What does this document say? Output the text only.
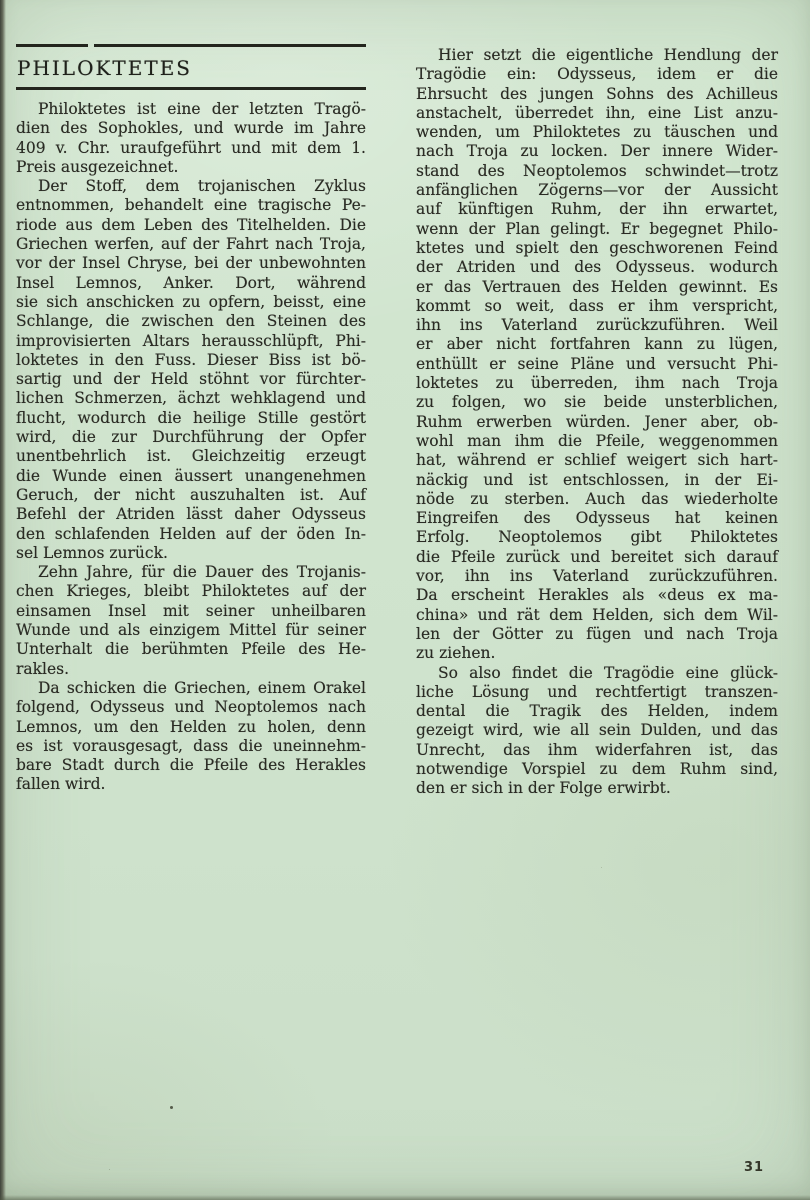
PHILOKTETES
Philoktetes ist eine der letzten Tragö-
dien des Sophokles, und wurde im Jahre
409 v. Chr. uraufgeführt und mit dem 1.
Preis ausgezeichnet.
Der Stoff, dem trojanischen Zyklus
entnommen, behandelt eine tragische Pe-
riode aus dem Leben des Titelhelden. Die
Griechen werfen, auf der Fahrt nach Troja,
vor der Insel Chryse, bei der unbewohnten
Insel Lemnos, Anker. Dort, während
sie sich anschicken zu opfern, beisst, eine
Schlange, die zwischen den Steinen des
improvisierten Altars herausschlüpft, Phi-
loktetes in den Fuss. Dieser Biss ist bö-
sartig und der Held stöhnt vor fürchter-
lichen Schmerzen, ächzt wehklagend und
flucht, wodurch die heilige Stille gestört
wird, die zur Durchführung der Opfer
unentbehrlich ist. Gleichzeitig erzeugt
die Wunde einen äussert unangenehmen
Geruch, der nicht auszuhalten ist. Auf
Befehl der Atriden lässt daher Odysseus
den schlafenden Helden auf der öden In-
sel Lemnos zurück.
Zehn Jahre, für die Dauer des Trojanis-
chen Krieges, bleibt Philoktetes auf der
einsamen Insel mit seiner unheilbaren
Wunde und als einzigem Mittel für seiner
Unterhalt die berühmten Pfeile des He-
rakles.
Da schicken die Griechen, einem Orakel
folgend, Odysseus und Neoptolemos nach
Lemnos, um den Helden zu holen, denn
es ist vorausgesagt, dass die uneinnehm-
bare Stadt durch die Pfeile des Herakles
fallen wird.
Hier setzt die eigentliche Hendlung der
Tragödie ein: Odysseus, idem er die
Ehrsucht des jungen Sohns des Achilleus
anstachelt, überredet ihn, eine List anzu-
wenden, um Philoktetes zu täuschen und
nach Troja zu locken. Der innere Wider-
stand des Neoptolemos schwindet—trotz
anfänglichen Zögerns—vor der Aussicht
auf künftigen Ruhm, der ihn erwartet,
wenn der Plan gelingt. Er begegnet Philo-
ktetes und spielt den geschworenen Feind
der Atriden und des Odysseus. wodurch
er das Vertrauen des Helden gewinnt. Es
kommt so weit, dass er ihm verspricht,
ihn ins Vaterland zurückzuführen. Weil
er aber nicht fortfahren kann zu lügen,
enthüllt er seine Pläne und versucht Phi-
loktetes zu überreden, ihm nach Troja
zu folgen, wo sie beide unsterblichen,
Ruhm erwerben würden. Jener aber, ob-
wohl man ihm die Pfeile, weggenommen
hat, während er schlief weigert sich hart-
näckig und ist entschlossen, in der Ei-
nöde zu sterben. Auch das wiederholte
Eingreifen des Odysseus hat keinen
Erfolg. Neoptolemos gibt Philoktetes
die Pfeile zurück und bereitet sich darauf
vor, ihn ins Vaterland zurückzuführen.
Da erscheint Herakles als «deus ex ma-
china» und rät dem Helden, sich dem Wil-
len der Götter zu fügen und nach Troja
zu ziehen.
So also findet die Tragödie eine glück-
liche Lösung und rechtfertigt transzen-
dental die Tragik des Helden, indem
gezeigt wird, wie all sein Dulden, und das
Unrecht, das ihm widerfahren ist, das
notwendige Vorspiel zu dem Ruhm sind,
den er sich in der Folge erwirbt.
31
